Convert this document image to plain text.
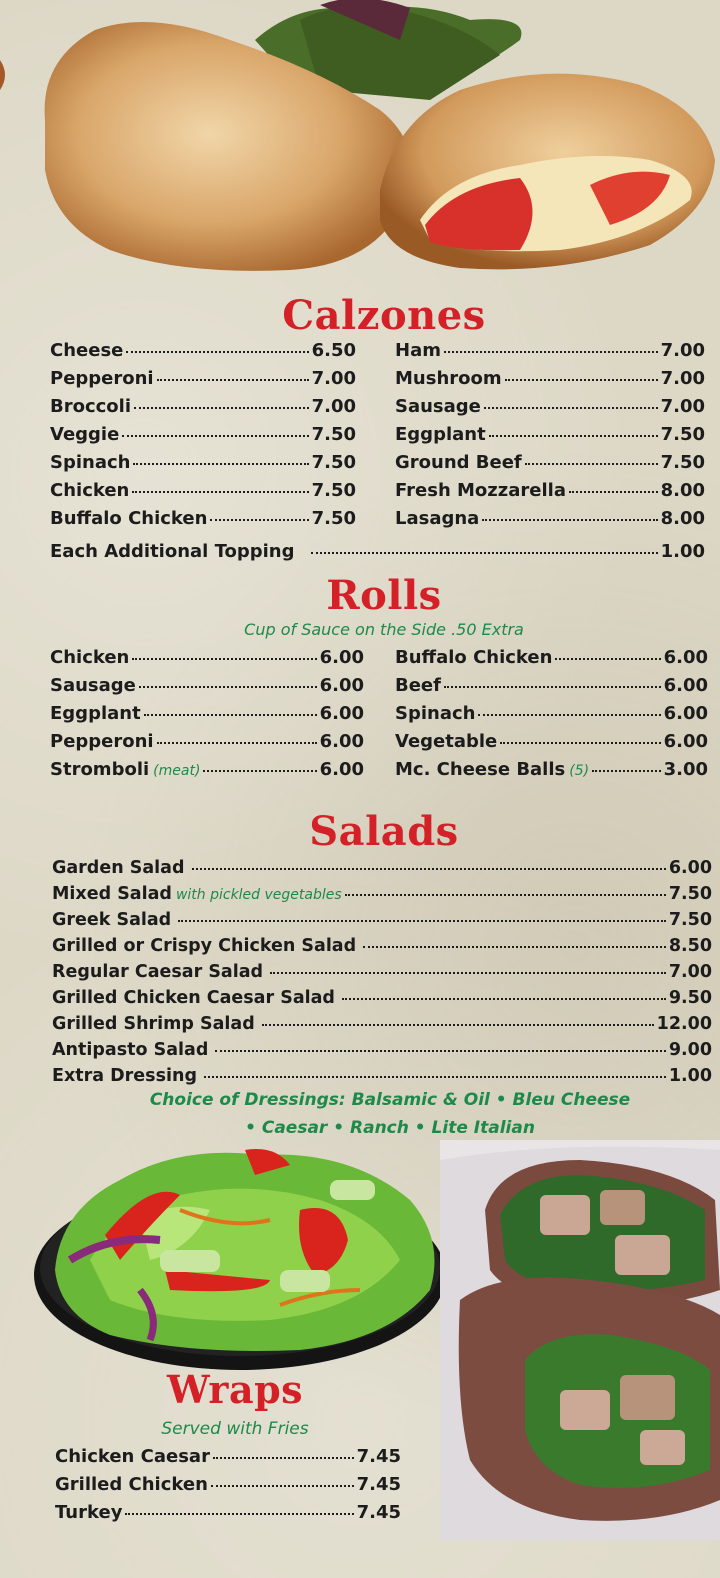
Calzones
Cheese	6.50
Pepperoni	7.00
Broccoli	7.00
Veggie	7.50
Spinach	7.50
Chicken	7.50
Buffalo Chicken	7.50
Ham	7.00
Mushroom	7.00
Sausage	7.00
Eggplant	7.50
Ground Beef	7.50
Fresh Mozzarella	8.00
Lasagna	8.00
Each Additional Topping	1.00
Rolls
Cup of Sauce on the Side .50 Extra
Chicken	6.00
Sausage	6.00
Eggplant	6.00
Pepperoni	6.00
Stromboli (meat)	6.00
Buffalo Chicken	6.00
Beef	6.00
Spinach	6.00
Vegetable	6.00
Mc. Cheese Balls (5)	3.00
Salads
Garden Salad	6.00
Mixed Salad with pickled vegetables	7.50
Greek Salad	7.50
Grilled or Crispy Chicken Salad	8.50
Regular Caesar Salad	7.00
Grilled Chicken Caesar Salad	9.50
Grilled Shrimp Salad	12.00
Antipasto Salad	9.00
Extra Dressing	1.00
Choice of Dressings: Balsamic & Oil • Bleu Cheese
• Caesar • Ranch • Lite Italian
Wraps
Served with Fries
Chicken Caesar	7.45
Grilled Chicken	7.45
Turkey	7.45
